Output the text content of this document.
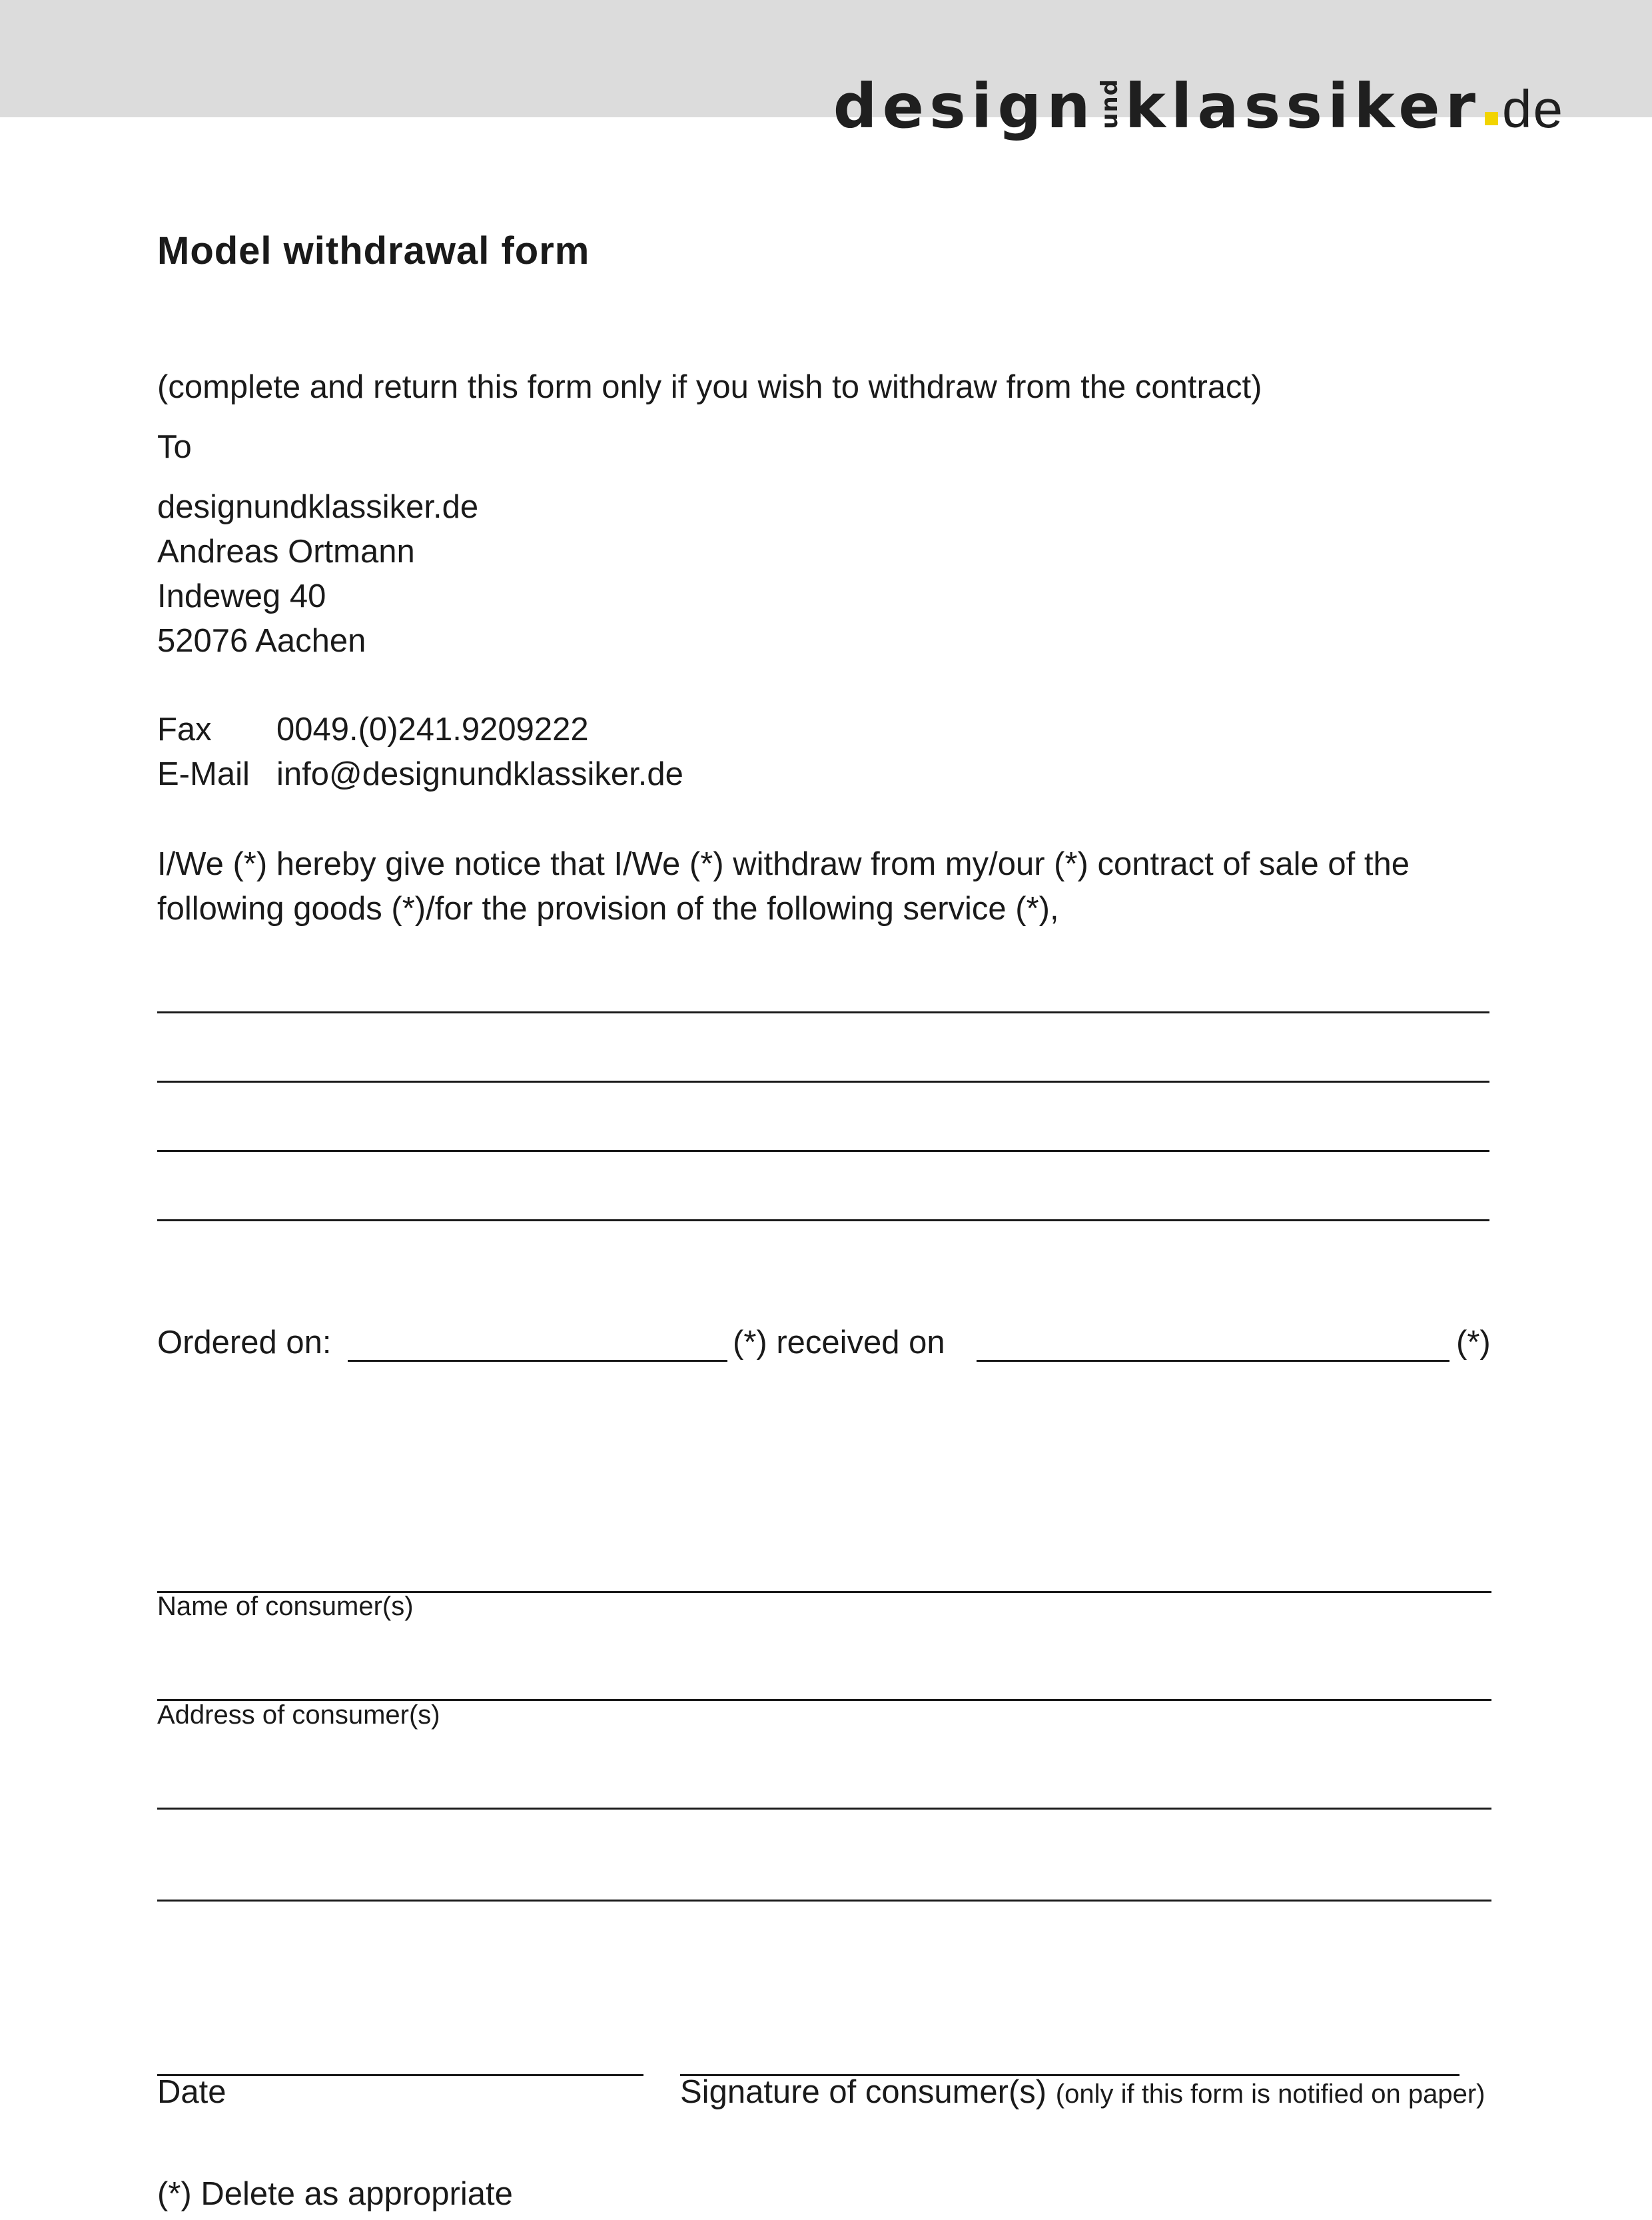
design und klassiker de
Model withdrawal form
(complete and return this form only if you wish to withdraw from the contract)
To
designundklassiker.de
Andreas Ortmann
Indeweg 40
52076 Aachen
Fax 0049.(0)241.9209222
E-Mail info@designundklassiker.de
I/We (*) hereby give notice that I/We (*) withdraw from my/our (*) contract of sale of the
following goods (*)/for the provision of the following service (*),
Ordered on:	(*) received on	(*)
Name of consumer(s)
Address of consumer(s)
Date	Signature of consumer(s) (only if this form is notified on paper)
(*) Delete as appropriate
